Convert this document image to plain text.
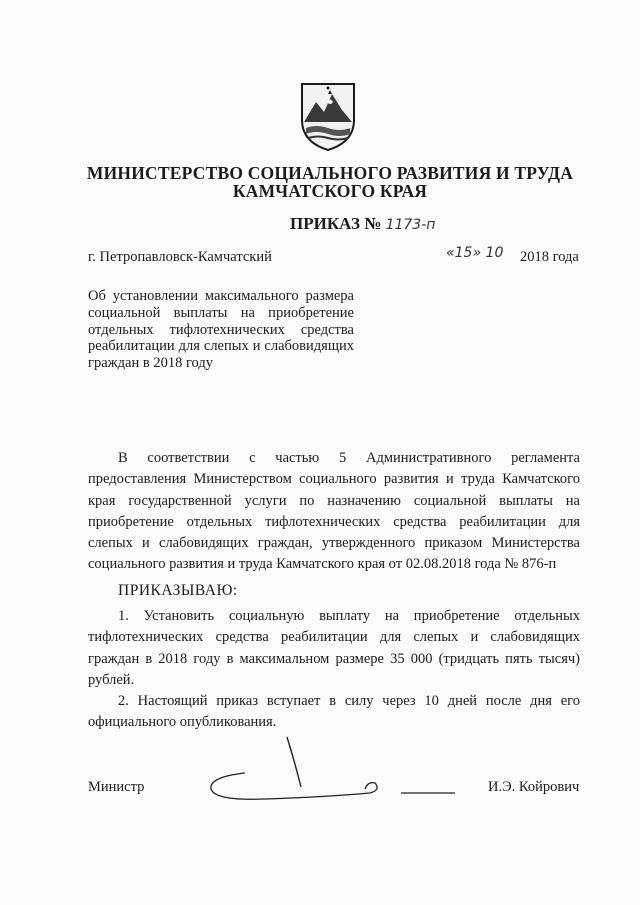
МИНИСТЕРСТВО СОЦИАЛЬНОГО РАЗВИТИЯ И ТРУДА
КАМЧАТСКОГО КРАЯ
ПРИКАЗ № 1173-п
г. Петропавловск-Камчатский	«15» 10 2018 года
Об установлении максимального размера социальной выплаты на приобретение отдельных тифлотехнических средства реабилитации для слепых и слабовидящих граждан в 2018 году
В соответствии с частью 5 Административного регламента предоставления Министерством социального развития и труда Камчатского края государственной услуги по назначению социальной выплаты на приобретение отдельных тифлотехнических средства реабилитации для слепых и слабовидящих граждан, утвержденного приказом Министерства социального развития и труда Камчатского края от 02.08.2018 года № 876-п
ПРИКАЗЫВАЮ:
1. Установить социальную выплату на приобретение отдельных тифлотехнических средства реабилитации для слепых и слабовидящих граждан в 2018 году в максимальном размере 35 000 (тридцать пять тысяч) рублей.
2. Настоящий приказ вступает в силу через 10 дней после дня его официального опубликования.
Министр	И.Э. Койрович
